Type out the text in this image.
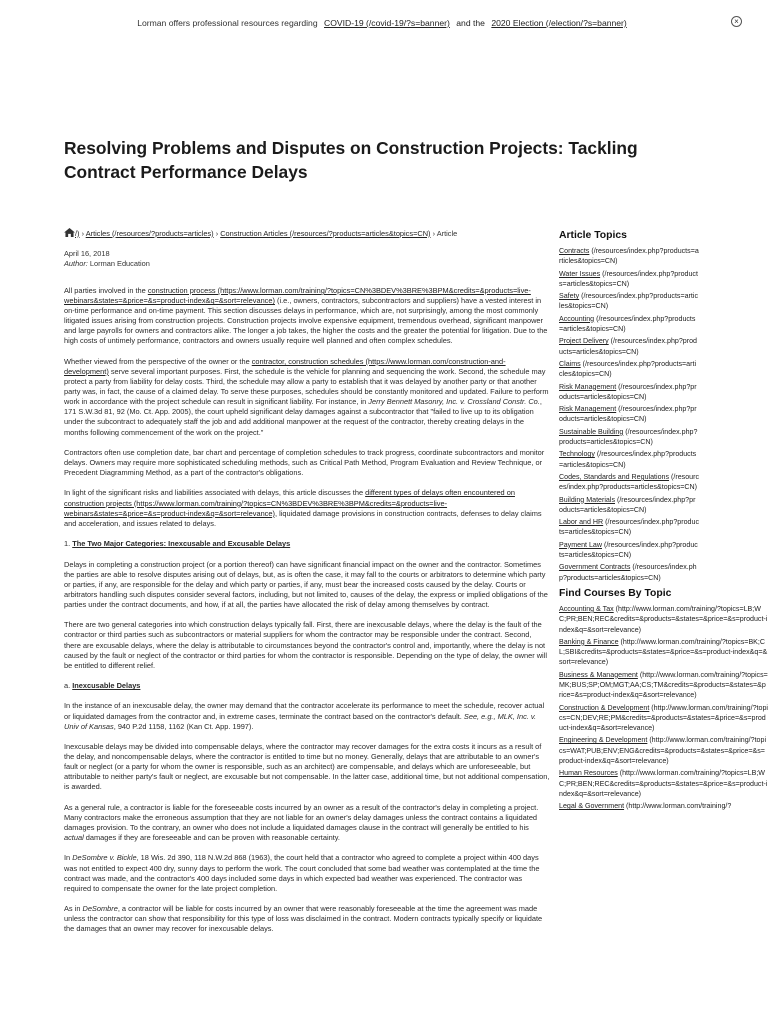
Lorman offers professional resources regarding COVID-19 (/covid-19/?s=banner) and the 2020 Election (/election/?s=banner)	×
Resolving Problems and Disputes on Construction Projects: Tackling Contract Performance Delays
/) › Articles (/resources/?products=articles) › Construction Articles (/resources/?products=articles&topics=CN) › Article
April 16, 2018
Author: Lorman Education

All parties involved in the construction process (https://www.lorman.com/training/?topics=CN%3BDEV%3BRE%3BPM&credits=&products=live-webinars&states=&price=&s=product-index&q=&sort=relevance) (i.e., owners, contractors, subcontractors and suppliers) have a vested interest in on-time performance and on-time payment. This section discusses delays in performance, which are, not surprisingly, among the most commonly litigated issues arising from construction projects. Construction projects involve expensive equipment, tremendous overhead, significant manpower and large payrolls for owners and contractors alike. The longer a job takes, the higher the costs and the greater the potential for litigation. Due to the high costs of untimely performance, contractors and owners usually require well planned and often complex schedules.

Whether viewed from the perspective of the owner or the contractor, construction schedules (https://www.lorman.com/construction-and-development) serve several important purposes. First, the schedule is the vehicle for planning and sequencing the work. Second, the schedule may protect a party from liability for delay costs. Third, the schedule may allow a party to establish that it was delayed by another party or that another party was, in fact, the cause of a claimed delay. To serve these purposes, schedules should be constantly monitored and updated. Failure to perform work in accordance with the project schedule can result in significant liability. For instance, in Jerry Bennett Masonry, Inc. v. Crossland Constr. Co., 171 S.W.3d 81, 92 (Mo. Ct. App. 2005), the court upheld significant delay damages against a subcontractor that "failed to live up to its obligation under the subcontract to adequately staff the job and add additional manpower at the request of the contractor, thereby creating delays in the months following commencement of the work on the project."

Contractors often use completion date, bar chart and percentage of completion schedules to track progress, coordinate subcontractors and monitor delays. Owners may require more sophisticated scheduling methods, such as Critical Path Method, Program Evaluation and Review Technique, or Precedent Diagramming Method, as a part of the contractor's obligations.

In light of the significant risks and liabilities associated with delays, this article discusses the different types of delays often encountered on construction projects (https://www.lorman.com/training/?topics=CN%3BDEV%3BRE%3BPM&credits=&products=live-webinars&states=&price=&s=product-index&q=&sort=relevance), liquidated damage provisions in construction contracts, defenses to delay claims and acceleration, and issues related to delays.

1. The Two Major Categories: Inexcusable and Excusable Delays

Delays in completing a construction project (or a portion thereof) can have significant financial impact on the owner and the contractor. Sometimes the parties are able to resolve disputes arising out of delays, but, as is often the case, it may fall to the courts or arbitrators to determine which party or parties, if any, are responsible for the delay and which party or parties, if any, must bear the increased costs caused by the delay. Courts or arbitrators handling such disputes consider several factors, including, but not limited to, causes of the delay, the express or implied obligations of the parties under the contract documents, and how, if at all, the parties have allocated the risk of delay among themselves by contract.

There are two general categories into which construction delays typically fall. First, there are inexcusable delays, where the delay is the fault of the contractor or third parties such as subcontractors or material suppliers for whom the contractor may be responsible under the contract. Second, there are excusable delays, where the delay is attributable to circumstances beyond the contractor's control and, importantly, where the delay is not caused by the fault or neglect of the contractor or third parties for whom the contractor is responsible. Depending on the type of delay, the owner will be entitled to different relief.

a. Inexcusable Delays

In the instance of an inexcusable delay, the owner may demand that the contractor accelerate its performance to meet the schedule, recover actual or liquidated damages from the contractor and, in extreme cases, terminate the contract based on the contractor's default. See, e.g., MLK, Inc. v. Univ of Kansas, 940 P.2d 1158, 1162 (Kan Ct. App. 1997).

Inexcusable delays may be divided into compensable delays, where the contractor may recover damages for the extra costs it incurs as a result of the delay, and noncompensable delays, where the contractor is entitled to time but no money. Generally, delays that are attributable to an owner's fault or neglect (or a party for whom the owner is responsible, such as an architect) are compensable, and delays which are unforeseeable, but attributable to neither party's fault or neglect, are excusable but not compensable. In the latter case, additional time, but not additional compensation, is awarded.

As a general rule, a contractor is liable for the foreseeable costs incurred by an owner as a result of the contractor's delay in completing a project. Many contractors make the erroneous assumption that they are not liable for an owner's delay damages unless the contract contains a liquidated damages provision. To the contrary, an owner who does not include a liquidated damages clause in the contract will generally be entitled to his actual damages if they are foreseeable and can be proven with reasonable certainty.

In DeSombre v. Bickle, 18 Wis. 2d 390, 118 N.W.2d 868 (1963), the court held that a contractor who agreed to complete a project within 400 days was not entitled to expect 400 dry, sunny days to perform the work. The court concluded that some bad weather was contemplated at the time the contract was made, and the contractor's 400 days included some days in which expected bad weather was experienced. The contractor was required to compensate the owner for the late project completion.

As in DeSombre, a contractor will be liable for costs incurred by an owner that were reasonably foreseeable at the time the agreement was made unless the contractor can show that responsibility for this type of loss was disclaimed in the contract. Modern contracts typically specify or liquidate the damages that an owner may recover for inexcusable delays.

Article Topics
Contracts (/resources/index.php?products=articles&topics=CN)
Water Issues (/resources/index.php?products=articles&topics=CN)
Safety (/resources/index.php?products=articles&topics=CN)
Accounting (/resources/index.php?products=articles&topics=CN)
Project Delivery (/resources/index.php?products=articles&topics=CN)
Claims (/resources/index.php?products=articles&topics=CN)
Risk Management (/resources/index.php?products=articles&topics=CN)
Risk Management (/resources/index.php?products=articles&topics=CN)
Sustainable Building (/resources/index.php?products=articles&topics=CN)
Technology (/resources/index.php?products=articles&topics=CN)
Codes, Standards and Regulations (/resources/index.php?products=articles&topics=CN)
Building Materials (/resources/index.php?products=articles&topics=CN)
Labor and HR (/resources/index.php?products=articles&topics=CN)
Payment Law (/resources/index.php?products=articles&topics=CN)
Government Contracts (/resources/index.php?products=articles&topics=CN)
Find Courses By Topic
Accounting & Tax (http://www.lorman.com/training/?topics=LB;WC;PR;BEN;REC&credits=&products=&states=&price=&s=product-index&q=&sort=relevance)
Banking & Finance (http://www.lorman.com/training/?topics=BK;CL;SBI&credits=&products=&states=&price=&s=product-index&q=&sort=relevance)
Business & Management (http://www.lorman.com/training/?topics=MK;BUS;SP;OM;MGT;AA;CS;TM&credits=&products=&states=&price=&s=product-index&q=&sort=relevance)
Construction & Development (http://www.lorman.com/training/?topics=CN;DEV;RE;PM&credits=&products=&states=&price=&s=product-index&q=&sort=relevance)
Engineering & Development (http://www.lorman.com/training/?topics=WAT;PUB;ENV;ENG&credits=&products=&states=&price=&s=product-index&q=&sort=relevance)
Human Resources (http://www.lorman.com/training/?topics=LB;WC;PR;BEN;REC&credits=&products=&states=&price=&s=product-index&q=&sort=relevance)
Legal & Government (http://www.lorman.com/training/?
